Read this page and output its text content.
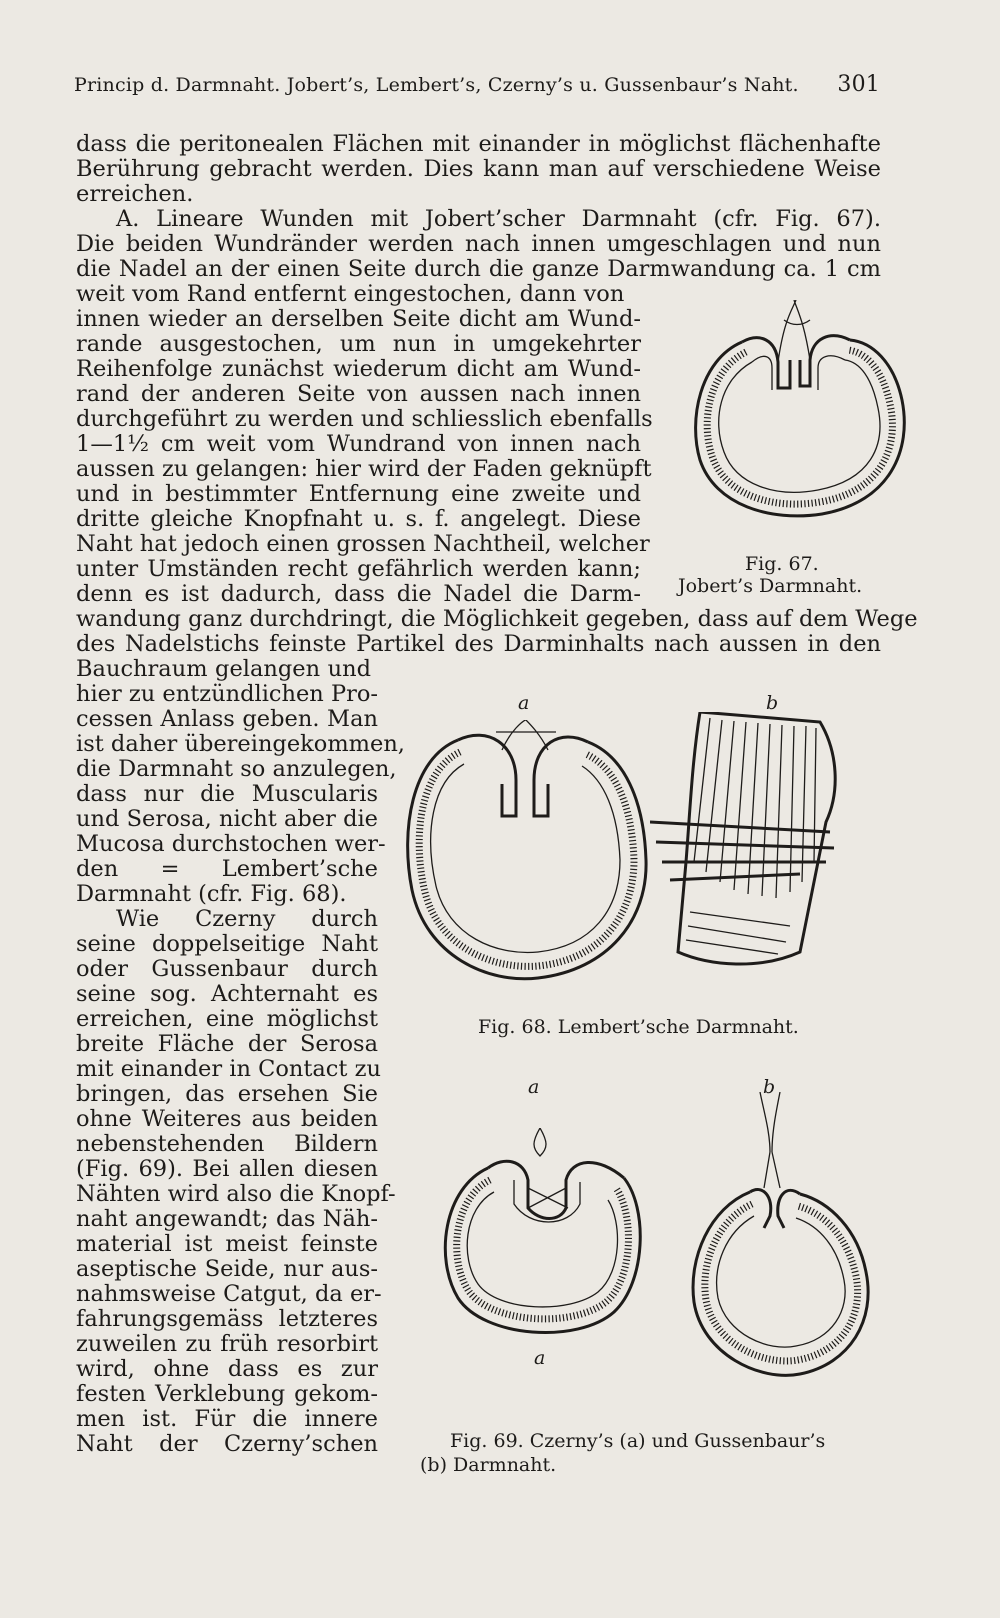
Princip d. Darmnaht. Jobert’s, Lembert’s, Czerny’s u. Gussenbaur’s Naht. 301
dass die peritonealen Flächen mit einander in möglichst flächenhafte
Berührung gebracht werden. Dies kann man auf verschiedene Weise
erreichen.
A. Lineare Wunden mit Jobert’scher Darmnaht (cfr. Fig. 67).
Die beiden Wundränder werden nach innen umgeschlagen und nun
die Nadel an der einen Seite durch die ganze Darmwandung ca. 1 cm
weit vom Rand entfernt eingestochen, dann von
innen wieder an derselben Seite dicht am Wund-
rande ausgestochen, um nun in umgekehrter
Reihenfolge zunächst wiederum dicht am Wund-
rand der anderen Seite von aussen nach innen
durchgeführt zu werden und schliesslich ebenfalls
1—1½ cm weit vom Wundrand von innen nach
aussen zu gelangen: hier wird der Faden geknüpft
und in bestimmter Entfernung eine zweite und
dritte gleiche Knopfnaht u. s. f. angelegt. Diese
Naht hat jedoch einen grossen Nachtheil, welcher
unter Umständen recht gefährlich werden kann;
denn es ist dadurch, dass die Nadel die Darm-
wandung ganz durchdringt, die Möglichkeit gegeben, dass auf dem Wege
des Nadelstichs feinste Partikel des Darminhalts nach aussen in den
Bauchraum gelangen und
hier zu entzündlichen Pro-
cessen Anlass geben. Man
ist daher übereingekommen,
die Darmnaht so anzulegen,
dass nur die Muscularis
und Serosa, nicht aber die
Mucosa durchstochen wer-
den = Lembert’sche
Darmnaht (cfr. Fig. 68).
Wie Czerny durch
seine doppelseitige Naht
oder Gussenbaur durch
seine sog. Achternaht es
erreichen, eine möglichst
breite Fläche der Serosa
mit einander in Contact zu
bringen, das ersehen Sie
ohne Weiteres aus beiden
nebenstehenden Bildern
(Fig. 69). Bei allen diesen
Nähten wird also die Knopf-
naht angewandt; das Näh-
material ist meist feinste
aseptische Seide, nur aus-
nahmsweise Catgut, da er-
fahrungsgemäss letzteres
zuweilen zu früh resorbirt
wird, ohne dass es zur
festen Verklebung gekom-
men ist. Für die innere
Naht der Czerny’schen
Fig. 67.
Jobert’s Darmnaht.
a	b
Fig. 68. Lembert’sche Darmnaht.
a	b
a
Fig. 69. Czerny’s (a) und Gussenbaur’s
(b) Darmnaht.
